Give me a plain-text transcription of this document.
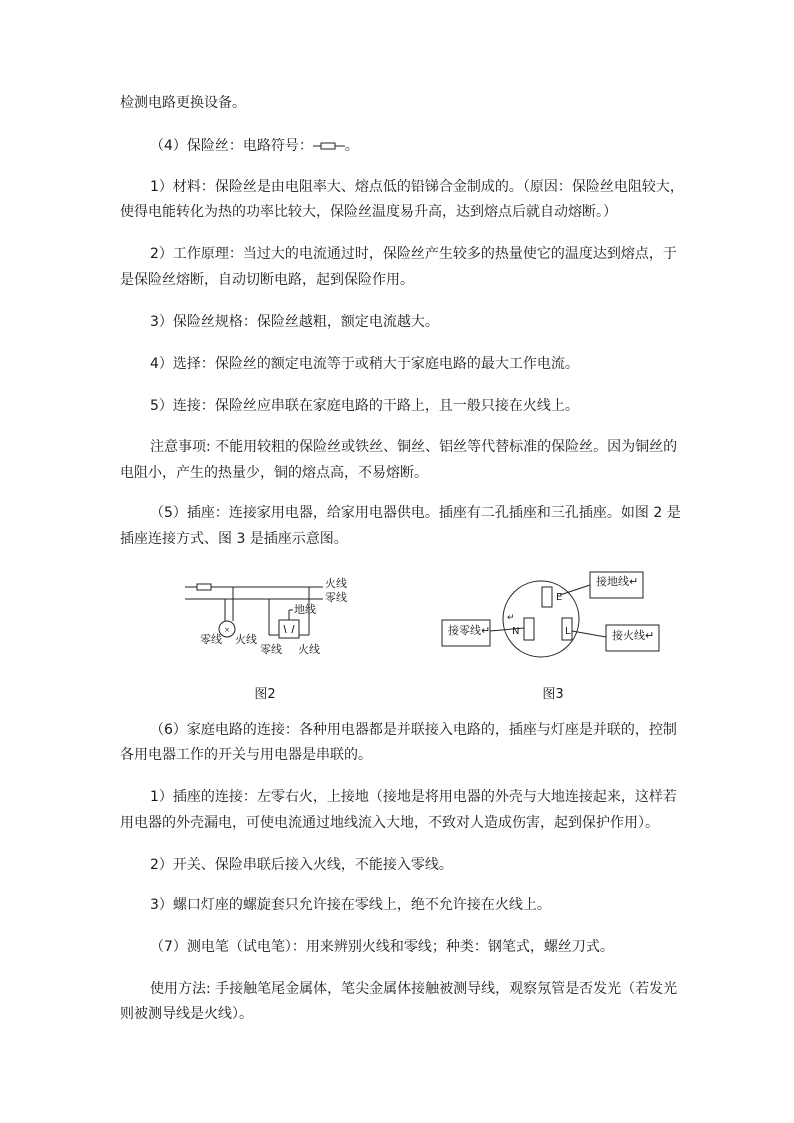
检测电路更换设备。
（4）保险丝：电路符号： 。
1）材料：保险丝是由电阻率大、熔点低的铅锑合金制成的。（原因：保险丝电阻较大，
使得电能转化为热的功率比较大，保险丝温度易升高，达到熔点后就自动熔断。）
2）工作原理：当过大的电流通过时，保险丝产生较多的热量使它的温度达到熔点，于
是保险丝熔断，自动切断电路，起到保险作用。
3）保险丝规格：保险丝越粗，额定电流越大。
4）选择：保险丝的额定电流等于或稍大于家庭电路的最大工作电流。
5）连接：保险丝应串联在家庭电路的干路上，且一般只接在火线上。
注意事项: 不能用较粗的保险丝或铁丝、铜丝、铝丝等代替标准的保险丝。因为铜丝的
电阻小，产生的热量少，铜的熔点高，不易熔断。
（5）插座：连接家用电器，给家用电器供电。插座有二孔插座和三孔插座。如图 2 是
插座连接方式、图 3 是插座示意图。
×
火线
零线
地线
零线 火线
零线 火线
图2
接地线↵
接零线↵	接火线↵
E
N	L
↵
图3
（6）家庭电路的连接：各种用电器都是并联接入电路的，插座与灯座是并联的，控制
各用电器工作的开关与用电器是串联的。
1）插座的连接：左零右火，上接地（接地是将用电器的外壳与大地连接起来，这样若
用电器的外壳漏电，可使电流通过地线流入大地，不致对人造成伤害，起到保护作用）。
2）开关、保险串联后接入火线，不能接入零线。
3）螺口灯座的螺旋套只允许接在零线上，绝不允许接在火线上。
（7）测电笔（试电笔）：用来辨别火线和零线；种类：钢笔式，螺丝刀式。
使用方法: 手接触笔尾金属体，笔尖金属体接触被测导线，观察氖管是否发光（若发光
则被测导线是火线）。
